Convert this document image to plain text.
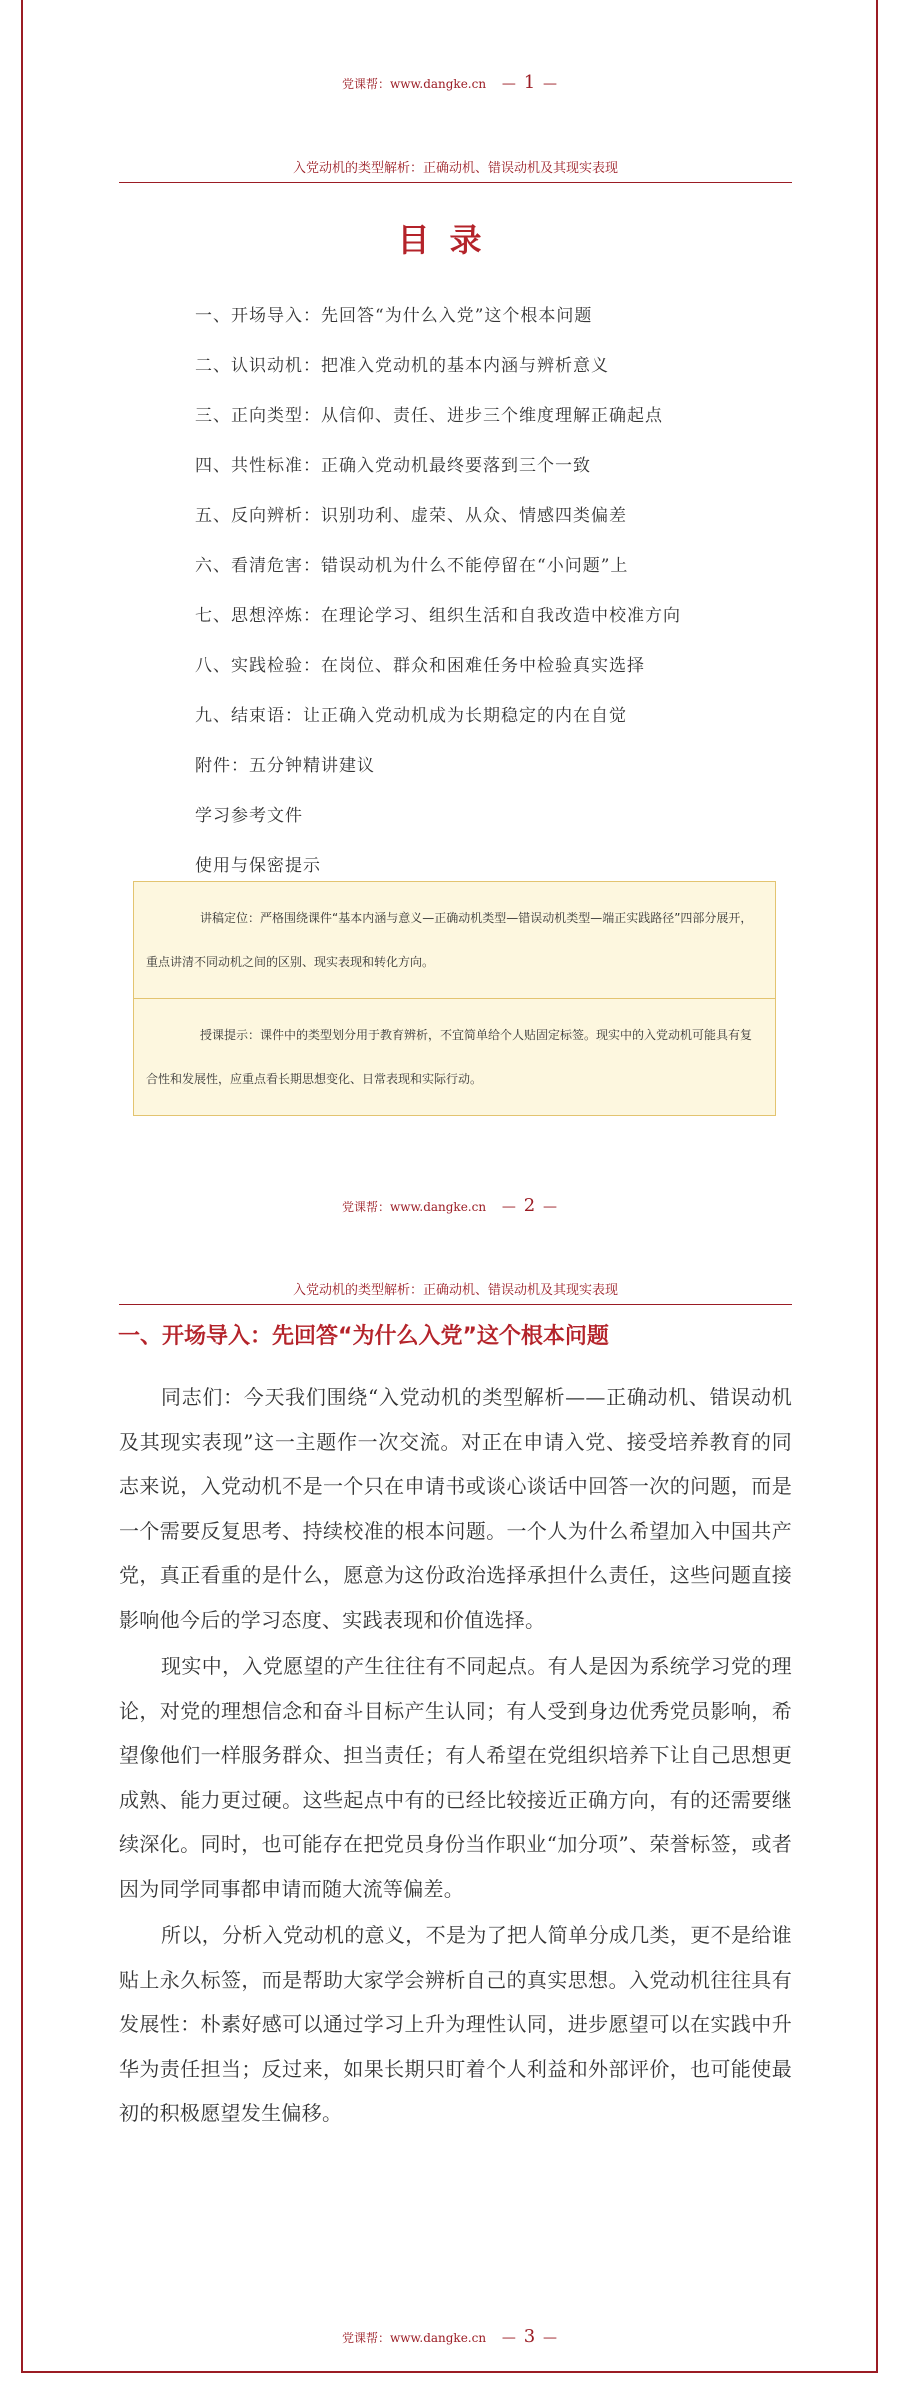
党课帮：www.dangke.cn — 1 —
入党动机的类型解析：正确动机、错误动机及其现实表现
目录
一、开场导入：先回答“为什么入党”这个根本问题
二、认识动机：把准入党动机的基本内涵与辨析意义
三、正向类型：从信仰、责任、进步三个维度理解正确起点
四、共性标准：正确入党动机最终要落到三个一致
五、反向辨析：识别功利、虚荣、从众、情感四类偏差
六、看清危害：错误动机为什么不能停留在“小问题”上
七、思想淬炼：在理论学习、组织生活和自我改造中校准方向
八、实践检验：在岗位、群众和困难任务中检验真实选择
九、结束语：让正确入党动机成为长期稳定的内在自觉
附件：五分钟精讲建议
学习参考文件
使用与保密提示
讲稿定位：严格围绕课件“基本内涵与意义—正确动机类型—错误动机类型—端正实践路径”四部分展开，重点讲清不同动机之间的区别、现实表现和转化方向。
授课提示：课件中的类型划分用于教育辨析，不宜简单给个人贴固定标签。现实中的入党动机可能具有复合性和发展性，应重点看长期思想变化、日常表现和实际行动。
党课帮：www.dangke.cn — 2 —
入党动机的类型解析：正确动机、错误动机及其现实表现
一、开场导入：先回答“为什么入党”这个根本问题

同志们：今天我们围绕“入党动机的类型解析——正确动机、错误动机及其现实表现”这一主题作一次交流。对正在申请入党、接受培养教育的同志来说，入党动机不是一个只在申请书或谈心谈话中回答一次的问题，而是一个需要反复思考、持续校准的根本问题。一个人为什么希望加入中国共产党，真正看重的是什么，愿意为这份政治选择承担什么责任，这些问题直接影响他今后的学习态度、实践表现和价值选择。

现实中，入党愿望的产生往往有不同起点。有人是因为系统学习党的理论，对党的理想信念和奋斗目标产生认同；有人受到身边优秀党员影响，希望像他们一样服务群众、担当责任；有人希望在党组织培养下让自己思想更成熟、能力更过硬。这些起点中有的已经比较接近正确方向，有的还需要继续深化。同时，也可能存在把党员身份当作职业“加分项”、荣誉标签，或者因为同学同事都申请而随大流等偏差。

所以，分析入党动机的意义，不是为了把人简单分成几类，更不是给谁贴上永久标签，而是帮助大家学会辨析自己的真实思想。入党动机往往具有发展性：朴素好感可以通过学习上升为理性认同，进步愿望可以在实践中升华为责任担当；反过来，如果长期只盯着个人利益和外部评价，也可能使最初的积极愿望发生偏移。

党课帮：www.dangke.cn — 3 —
